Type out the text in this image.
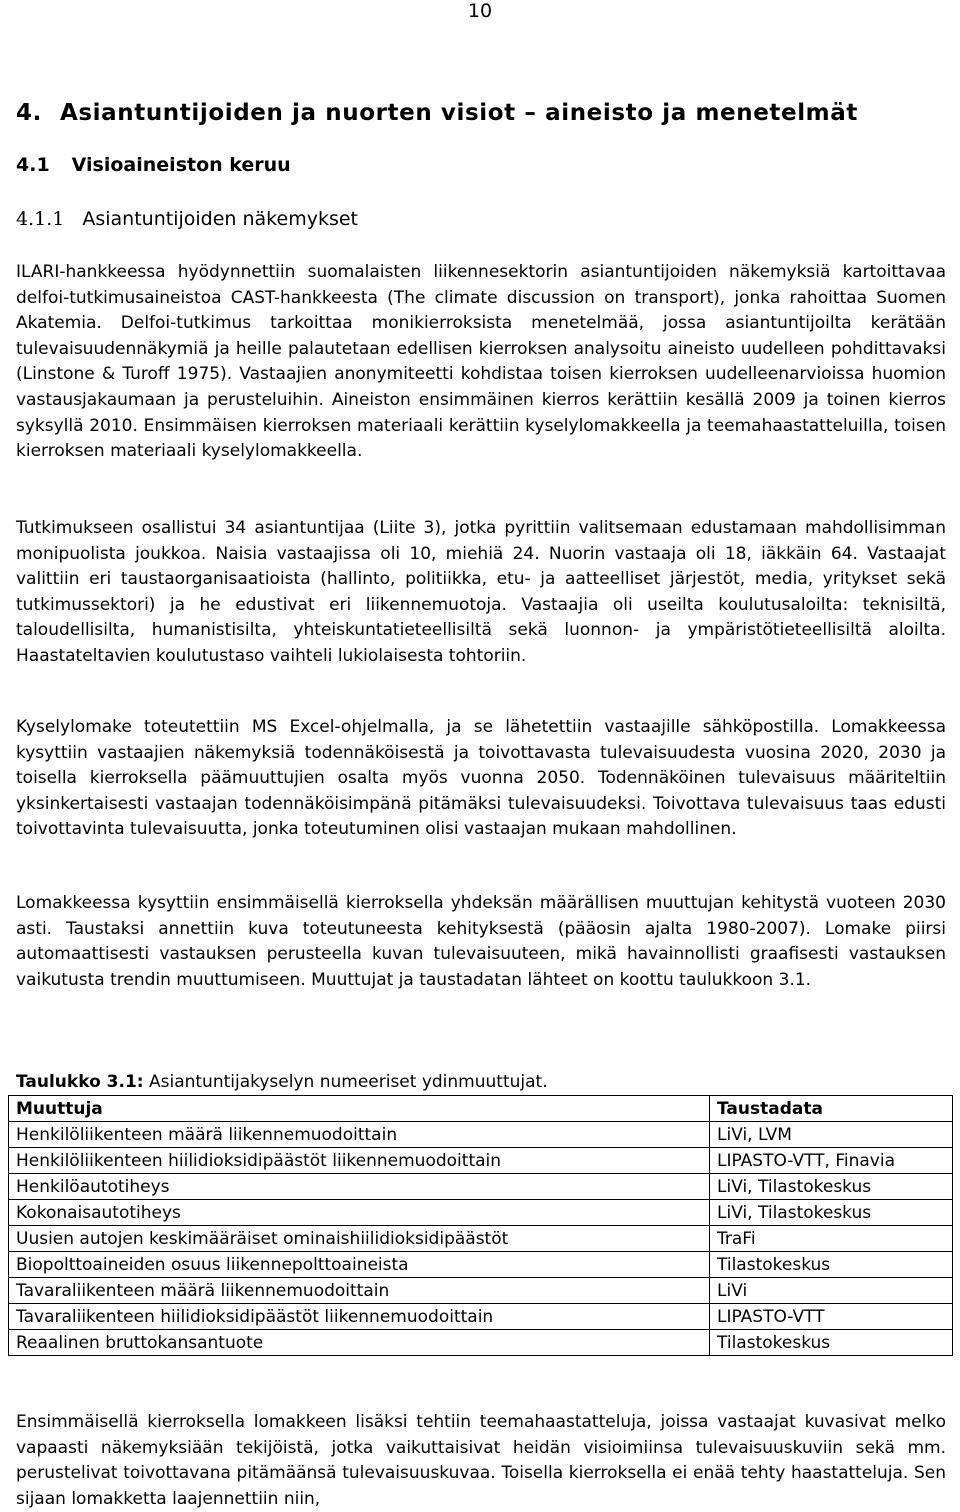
10
4. Asiantuntijoiden ja nuorten visiot – aineisto ja menetelmät
4.1 Visioaineiston keruu
4.1.1 Asiantuntijoiden näkemykset

ILARI-hankkeessa hyödynnettiin suomalaisten liikennesektorin asiantuntijoiden näkemyksiä kartoittavaa delfoi-tutkimusaineistoa CAST-hankkeesta (The climate discussion on transport), jonka rahoittaa Suomen Akatemia. Delfoi-tutkimus tarkoittaa monikierroksista menetelmää, jossa asiantuntijoilta kerätään tulevaisuudennäkymiä ja heille palautetaan edellisen kierroksen analysoitu aineisto uudelleen pohdittavaksi (Linstone & Turoff 1975). Vastaajien anonymiteetti kohdistaa toisen kierroksen uudelleenarvioissa huomion vastausjakaumaan ja perusteluihin. Aineiston ensimmäinen kierros kerättiin kesällä 2009 ja toinen kierros syksyllä 2010. Ensimmäisen kierroksen materiaali kerättiin kyselylomakkeella ja teemahaastatteluilla, toisen kierroksen materiaali kyselylomakkeella.

Tutkimukseen osallistui 34 asiantuntijaa (Liite 3), jotka pyrittiin valitsemaan edustamaan mahdollisimman monipuolista joukkoa. Naisia vastaajissa oli 10, miehiä 24. Nuorin vastaaja oli 18, iäkkäin 64. Vastaajat valittiin eri taustaorganisaatioista (hallinto, politiikka, etu- ja aatteelliset järjestöt, media, yritykset sekä tutkimussektori) ja he edustivat eri liikennemuotoja. Vastaajia oli useilta koulutusaloilta: teknisiltä, taloudellisilta, humanistisilta, yhteiskuntatieteellisiltä sekä luonnon- ja ympäristötieteellisiltä aloilta. Haastateltavien koulutustaso vaihteli lukiolaisesta tohtoriin.

Kyselylomake toteutettiin MS Excel-ohjelmalla, ja se lähetettiin vastaajille sähköpostilla. Lomakkeessa kysyttiin vastaajien näkemyksiä todennäköisestä ja toivottavasta tulevaisuudesta vuosina 2020, 2030 ja toisella kierroksella päämuuttujien osalta myös vuonna 2050. Todennäköinen tulevaisuus määriteltiin yksinkertaisesti vastaajan todennäköisimpänä pitämäksi tulevaisuudeksi. Toivottava tulevaisuus taas edusti toivottavinta tulevaisuutta, jonka toteutuminen olisi vastaajan mukaan mahdollinen.

Lomakkeessa kysyttiin ensimmäisellä kierroksella yhdeksän määrällisen muuttujan kehitystä vuoteen 2030 asti. Taustaksi annettiin kuva toteutuneesta kehityksestä (pääosin ajalta 1980-2007). Lomake piirsi automaattisesti vastauksen perusteella kuvan tulevaisuuteen, mikä havainnollisti graafisesti vastauksen vaikutusta trendin muuttumiseen. Muuttujat ja taustadatan lähteet on koottu taulukkoon 3.1.

Taulukko 3.1: Asiantuntijakyselyn numeeriset ydinmuuttujat.

Muuttuja	Taustadata
Henkilöliikenteen määrä liikennemuodoittain	LiVi, LVM
Henkilöliikenteen hiilidioksidipäästöt liikennemuodoittain	LIPASTO-VTT, Finavia
Henkilöautotiheys	LiVi, Tilastokeskus
Kokonaisautotiheys	LiVi, Tilastokeskus
Uusien autojen keskimääräiset ominaishiilidioksidipäästöt	TraFi
Biopolttoaineiden osuus liikennepolttoaineista	Tilastokeskus
Tavaraliikenteen määrä liikennemuodoittain	LiVi
Tavaraliikenteen hiilidioksidipäästöt liikennemuodoittain	LIPASTO-VTT
Reaalinen bruttokansantuote	Tilastokeskus

Ensimmäisellä kierroksella lomakkeen lisäksi tehtiin teemahaastatteluja, joissa vastaajat kuvasivat melko vapaasti näkemyksiään tekijöistä, jotka vaikuttaisivat heidän visioimiinsa tulevaisuuskuviin sekä mm. perustelivat toivottavana pitämäänsä tulevaisuuskuvaa. Toisella kierroksella ei enää tehty haastatteluja. Sen sijaan lomakketta laajennettiin niin,
